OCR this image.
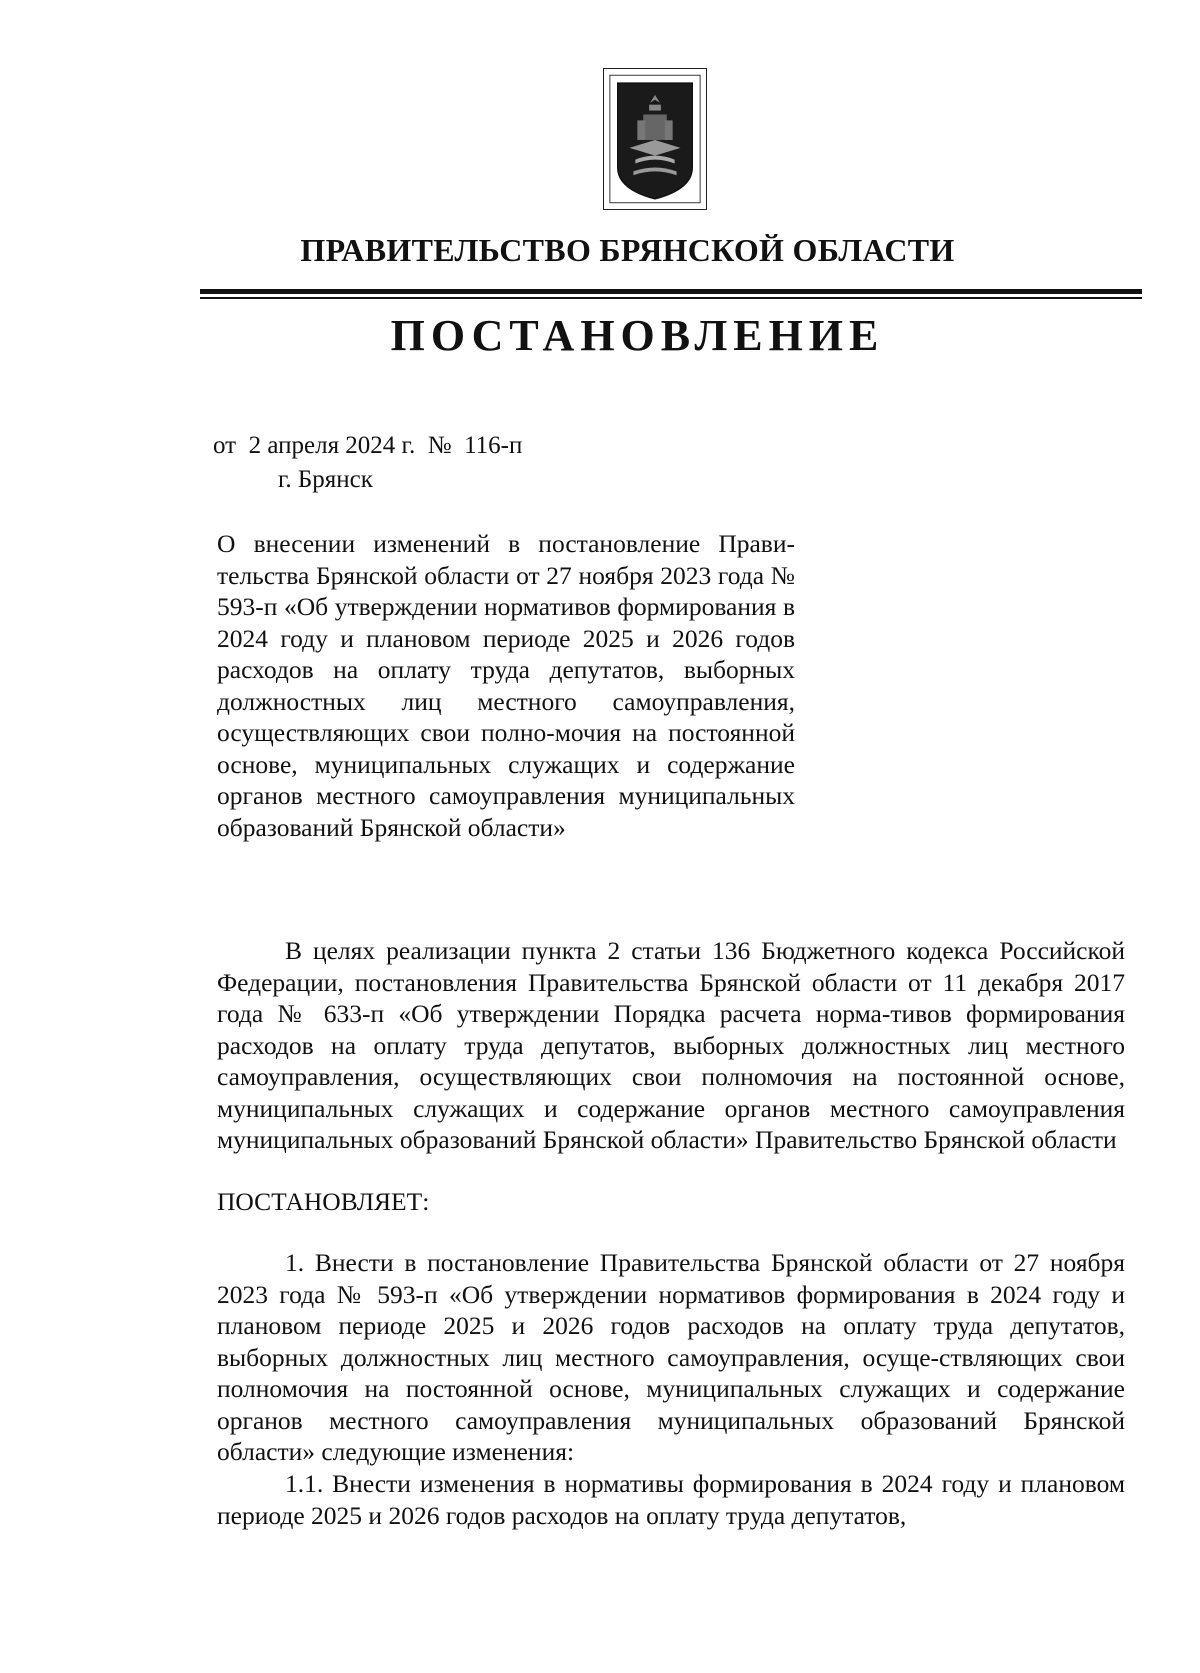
ПРАВИТЕЛЬСТВО БРЯНСКОЙ ОБЛАСТИ
ПОСТАНОВЛЕНИЕ
от  2 апреля 2024 г.  №  116-п
г. Брянск
О внесении изменений в постановление Прави-тельства Брянской области от 27 ноября 2023 года № 593-п «Об утверждении нормативов формирования в 2024 году и плановом периоде 2025 и 2026 годов расходов на оплату труда депутатов, выборных должностных лиц местного самоуправления, осуществляющих свои полно-мочия на постоянной основе, муниципальных служащих и содержание органов местного самоуправления муниципальных образований Брянской области»
В целях реализации пункта 2 статьи 136 Бюджетного кодекса Российской Федерации, постановления Правительства Брянской области от 11 декабря 2017 года № 633-п «Об утверждении Порядка расчета норма-тивов формирования расходов на оплату труда депутатов, выборных должностных лиц местного самоуправления, осуществляющих свои полномочия на постоянной основе, муниципальных служащих и содержание органов местного самоуправления муниципальных образований Брянской области» Правительство Брянской области
ПОСТАНОВЛЯЕТ:
1. Внести в постановление Правительства Брянской области от 27 ноября 2023 года № 593-п «Об утверждении нормативов формирования в 2024 году и плановом периоде 2025 и 2026 годов расходов на оплату труда депутатов, выборных должностных лиц местного самоуправления, осуще-ствляющих свои полномочия на постоянной основе, муниципальных служащих и содержание органов местного самоуправления муниципальных образований Брянской области» следующие изменения:
1.1. Внести изменения в нормативы формирования в 2024 году и плановом периоде 2025 и 2026 годов расходов на оплату труда депутатов,
